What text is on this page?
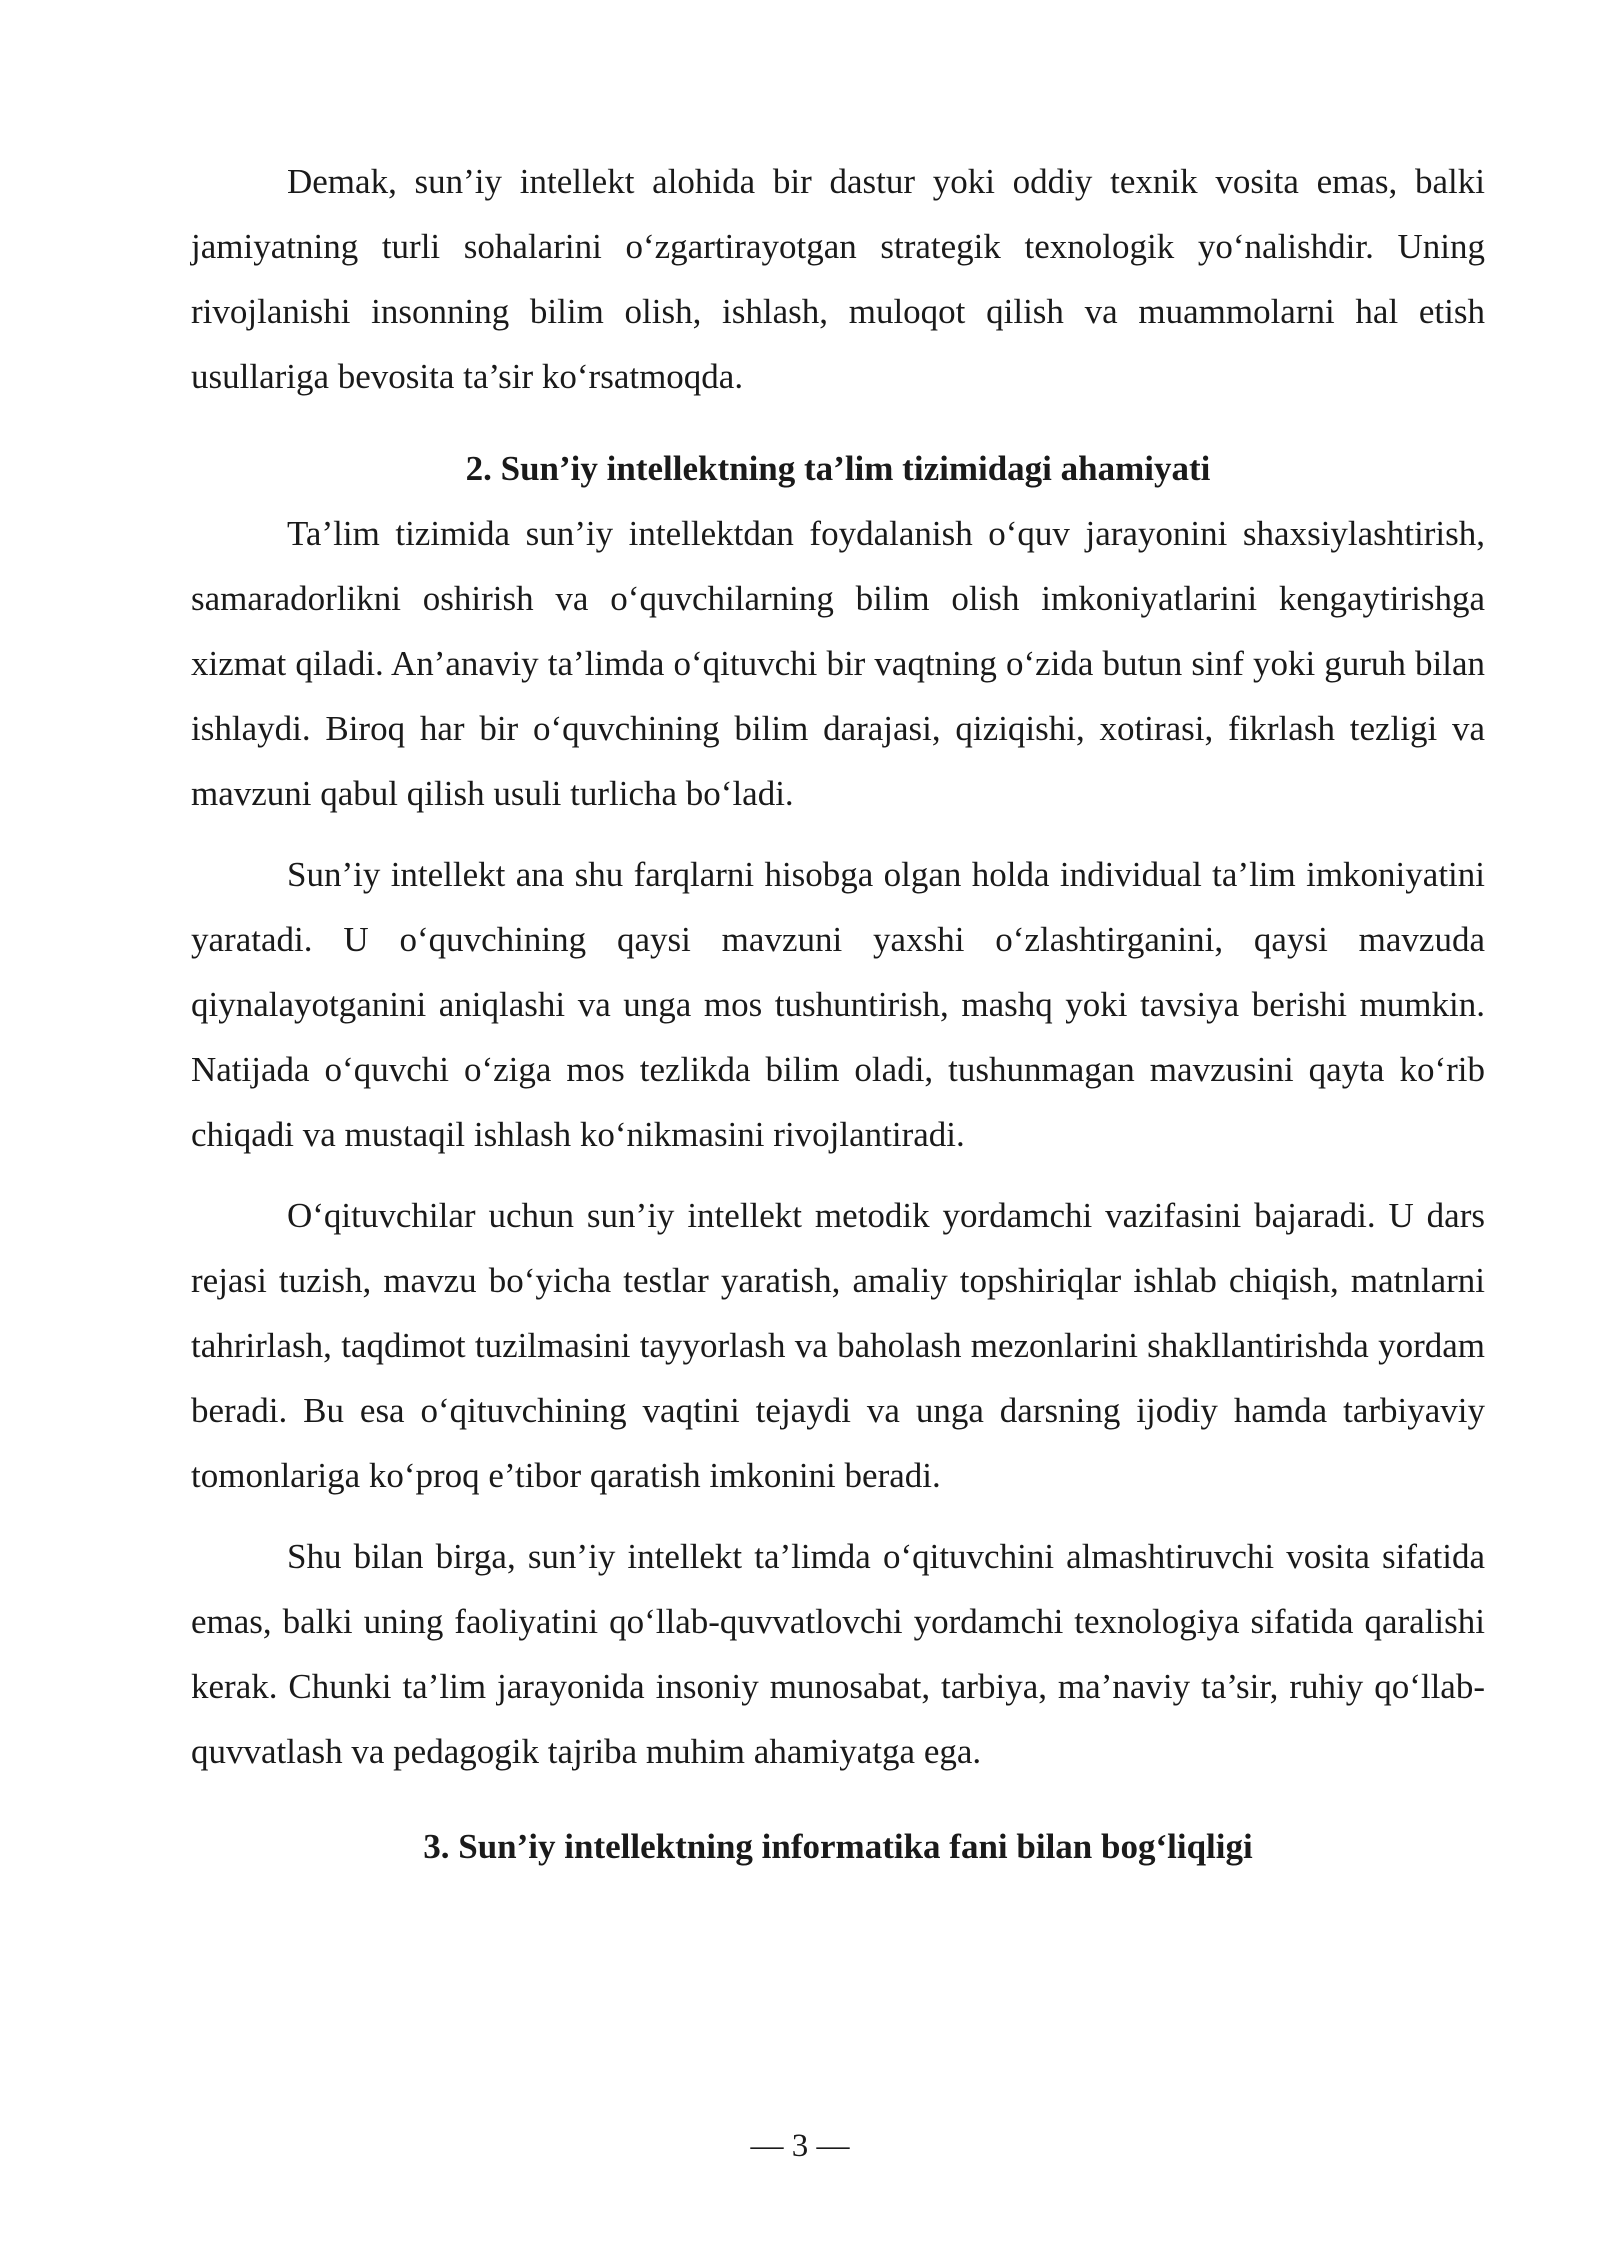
Demak, sun’iy intellekt alohida bir dastur yoki oddiy texnik vosita emas, balki jamiyatning turli sohalarini o‘zgartirayotgan strategik texnologik yo‘nalishdir. Uning rivojlanishi insonning bilim olish, ishlash, muloqot qilish va muammolarni hal etish usullariga bevosita ta’sir ko‘rsatmoqda.

2. Sun’iy intellektning ta’lim tizimidagi ahamiyati

Ta’lim tizimida sun’iy intellektdan foydalanish o‘quv jarayonini shaxsiylashtirish, samaradorlikni oshirish va o‘quvchilarning bilim olish imkoniyatlarini kengaytirishga xizmat qiladi. An’anaviy ta’limda o‘qituvchi bir vaqtning o‘zida butun sinf yoki guruh bilan ishlaydi. Biroq har bir o‘quvchining bilim darajasi, qiziqishi, xotirasi, fikrlash tezligi va mavzuni qabul qilish usuli turlicha bo‘ladi.

Sun’iy intellekt ana shu farqlarni hisobga olgan holda individual ta’lim imkoniyatini yaratadi. U o‘quvchining qaysi mavzuni yaxshi o‘zlashtirganini, qaysi mavzuda qiynalayotganini aniqlashi va unga mos tushuntirish, mashq yoki tavsiya berishi mumkin. Natijada o‘quvchi o‘ziga mos tezlikda bilim oladi, tushunmagan mavzusini qayta ko‘rib chiqadi va mustaqil ishlash ko‘nikmasini rivojlantiradi.

O‘qituvchilar uchun sun’iy intellekt metodik yordamchi vazifasini bajaradi. U dars rejasi tuzish, mavzu bo‘yicha testlar yaratish, amaliy topshiriqlar ishlab chiqish, matnlarni tahrirlash, taqdimot tuzilmasini tayyorlash va baholash mezonlarini shakllantirishda yordam beradi. Bu esa o‘qituvchining vaqtini tejaydi va unga darsning ijodiy hamda tarbiyaviy tomonlariga ko‘proq e’tibor qaratish imkonini beradi.

Shu bilan birga, sun’iy intellekt ta’limda o‘qituvchini almashtiruvchi vosita sifatida emas, balki uning faoliyatini qo‘llab-quvvatlovchi yordamchi texnologiya sifatida qaralishi kerak. Chunki ta’lim jarayonida insoniy munosabat, tarbiya, ma’naviy ta’sir, ruhiy qo‘llab-quvvatlash va pedagogik tajriba muhim ahamiyatga ega.

3. Sun’iy intellektning informatika fani bilan bog‘liqligi
— 3 —
